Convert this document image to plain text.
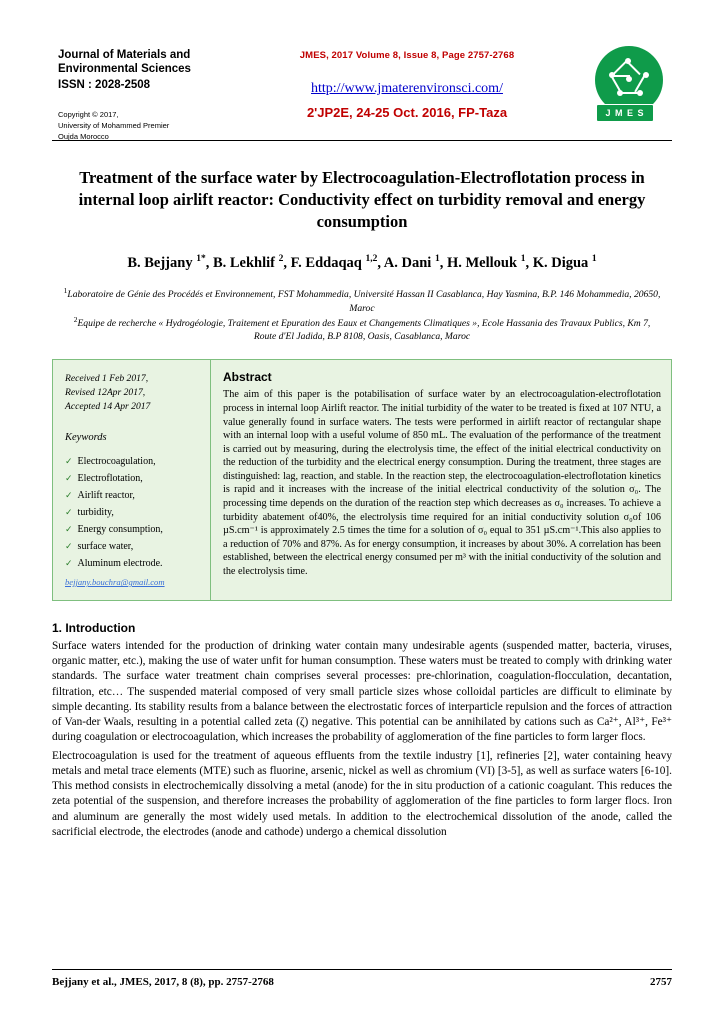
Journal of Materials and
Environmental Sciences
ISSN : 2028-2508
Copyright © 2017,
University of Mohammed Premier
Oujda Morocco
JMES, 2017 Volume 8, Issue 8, Page 2757-2768
http://www.jmaterenvironsci.com/
2'JP2E, 24-25 Oct. 2016, FP-Taza	J M E S
Treatment of the surface water by Electrocoagulation-Electroflotation process in internal loop airlift reactor: Conductivity effect on turbidity removal and energy consumption
B. Bejjany $^{1*}$, B. Lekhlif $^2$, F. Eddaqaq $^{1,2}$, A. Dani $^1$, H. Mellouk $^1$, K. Digua $^1$
$^1$Laboratoire de Génie des Procédés et Environnement, FST Mohammedia, Université Hassan II Casablanca, Hay Yasmina, B.P. 146 Mohammedia, 20650, Maroc
$^2$Equipe de recherche « Hydrogéologie, Traitement et Epuration des Eaux et Changements Climatiques », Ecole Hassania des Travaux Publics, Km 7, Route d'El Jadida, B.P 8108, Oasis, Casablanca, Maroc
Received 1 Feb 2017,
Revised 12Apr 2017,
Accepted 14 Apr 2017
Keywords
✓ Electrocoagulation,
✓ Electroflotation,
✓ Airlift reactor,
✓ turbidity,
✓ Energy consumption,
✓ surface water,
✓ Aluminum electrode.
bejjany.bouchra@gmail.com
Abstract
The aim of this paper is the potabilisation of surface water by an electrocoagulation-electroflotation process in internal loop Airlift reactor. The initial turbidity of the water to be treated is fixed at 107 NTU, a value generally found in surface waters. The tests were performed in airlift reactor of rectangular shape with an internal loop with a useful volume of 850 mL. The evaluation of the performance of the treatment is carried out by measuring, during the electrolysis time, the effect of the initial electrical conductivity on the reduction of the turbidity and the electrical energy consumption. During the treatment, three stages are distinguished: lag, reaction, and stable. In the reaction step, the electrocoagulation-electroflotation kinetics is rapid and it increases with the increase of the initial electrical conductivity of the solution σ₀. The processing time depends on the duration of the reaction step which decreases as σ₀ increases. To achieve a turbidity abatement of40%, the electrolysis time required for an initial conductivity solution σ₀of 106 µS.cm⁻¹ is approximately 2.5 times the time for a solution of σ₀ equal to 351 µS.cm⁻¹.This also applies to a reduction of 70% and 87%. As for energy consumption, it increases by about 30%. A correlation has been established, between the electrical energy consumed per m³ with the initial conductivity of the solution and the electrolysis time.
1. Introduction
Surface waters intended for the production of drinking water contain many undesirable agents (suspended matter, bacteria, viruses, organic matter, etc.), making the use of water unfit for human consumption. These waters must be treated to comply with drinking water standards. The surface water treatment chain comprises several processes: pre-chlorination, coagulation-flocculation, decantation, filtration, etc… The suspended material composed of very small particle sizes whose colloidal particles are difficult to eliminate by simple decanting. Its stability results from a balance between the electrostatic forces of interparticle repulsion and the forces of attraction of Van-der Waals, resulting in a potential called zeta (ζ) negative. This potential can be annihilated by cations such as Ca²⁺, Al³⁺, Fe³⁺ during coagulation or electrocoagulation, which increases the probability of agglomeration of the fine particles to form larger flocs.
Electrocoagulation is used for the treatment of aqueous effluents from the textile industry [1], refineries [2], water containing heavy metals and metal trace elements (MTE) such as fluorine, arsenic, nickel as well as chromium (VI) [3-5], as well as surface waters [6-10]. This method consists in electrochemically dissolving a metal (anode) for the in situ production of a cationic coagulant. This reduces the zeta potential of the suspension, and therefore increases the probability of agglomeration of the fine particles to form larger flocs. Iron and aluminum are generally the most widely used metals. In addition to the electrochemical dissolution of the anode, called the sacrificial electrode, the electrodes (anode and cathode) undergo a chemical dissolution
Bejjany et al., JMES, 2017, 8 (8), pp. 2757-2768	2757
